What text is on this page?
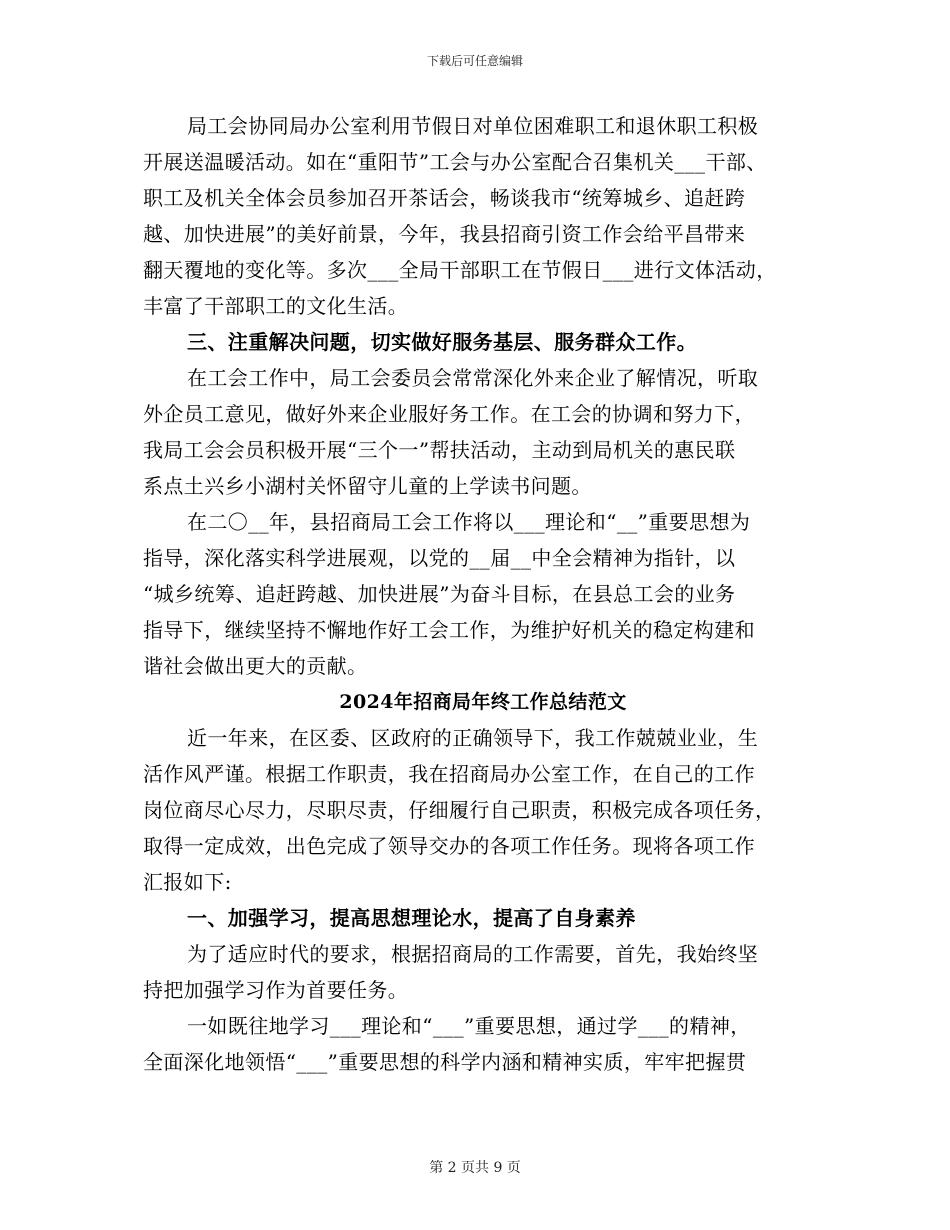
下载后可任意编辑
局工会协同局办公室利用节假日对单位困难职工和退休职工积极
开展送温暖活动。如在“重阳节”工会与办公室配合召集机关___干部、
职工及机关全体会员参加召开茶话会，畅谈我市“统筹城乡、追赶跨
越、加快进展”的美好前景，今年，我县招商引资工作会给平昌带来
翻天覆地的变化等。多次___全局干部职工在节假日___进行文体活动，
丰富了干部职工的文化生活。
三、注重解决问题，切实做好服务基层、服务群众工作。
在工会工作中，局工会委员会常常深化外来企业了解情况，听取
外企员工意见，做好外来企业服好务工作。在工会的协调和努力下，
我局工会会员积极开展“三个一”帮扶活动，主动到局机关的惠民联
系点土兴乡小湖村关怀留守儿童的上学读书问题。
在二〇__年，县招商局工会工作将以___理论和“__”重要思想为
指导，深化落实科学进展观，以党的__届__中全会精神为指针，以
“城乡统筹、追赶跨越、加快进展”为奋斗目标，在县总工会的业务
指导下，继续坚持不懈地作好工会工作，为维护好机关的稳定构建和
谐社会做出更大的贡献。
2024年招商局年终工作总结范文
近一年来，在区委、区政府的正确领导下，我工作兢兢业业，生
活作风严谨。根据工作职责，我在招商局办公室工作，在自己的工作
岗位商尽心尽力，尽职尽责，仔细履行自己职责，积极完成各项任务，
取得一定成效，出色完成了领导交办的各项工作任务。现将各项工作
汇报如下:
一、加强学习，提高思想理论水，提高了自身素养
为了适应时代的要求，根据招商局的工作需要，首先，我始终坚
持把加强学习作为首要任务。
一如既往地学习___理论和“___”重要思想，通过学___的精神，
全面深化地领悟“___”重要思想的科学内涵和精神实质，牢牢把握贯
第 2 页共 9 页
